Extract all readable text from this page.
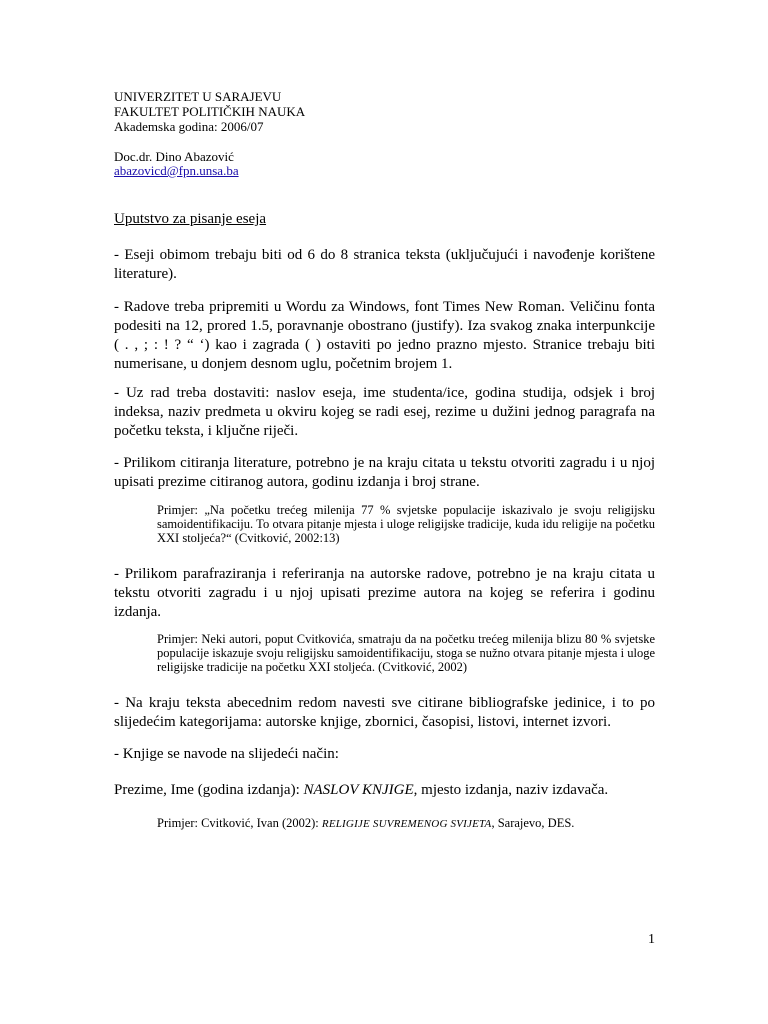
UNIVERZITET U SARAJEVU
FAKULTET POLITIČKIH NAUKA
Akademska godina: 2006/07
Doc.dr. Dino Abazović
abazovicd@fpn.unsa.ba
Uputstvo za pisanje eseja

- Eseji obimom trebaju biti od 6 do 8 stranica teksta (uključujući i navođenje korištene literature).

- Radove treba pripremiti u Wordu za Windows, font Times New Roman. Veličinu fonta podesiti na 12, prored 1.5, poravnanje obostrano (justify). Iza svakog znaka interpunkcije ( . , ; : ! ? “ ‘) kao i zagrada ( ) ostaviti po jedno prazno mjesto. Stranice trebaju biti numerisane, u donjem desnom uglu, početnim brojem 1.

- Uz rad treba dostaviti: naslov eseja, ime studenta/ice, godina studija, odsjek i broj indeksa, naziv predmeta u okviru kojeg se radi esej, rezime u dužini jednog paragrafa na početku teksta, i ključne riječi.

- Prilikom citiranja literature, potrebno je na kraju citata u tekstu otvoriti zagradu i u njoj upisati prezime citiranog autora, godinu izdanja i broj strane.

Primjer: „Na početku trećeg milenija 77 % svjetske populacije iskazivalo je svoju religijsku samoidentifikaciju. To otvara pitanje mjesta i uloge religijske tradicije, kuda idu religije na početku XXI stoljeća?“ (Cvitković, 2002:13)

- Prilikom parafraziranja i referiranja na autorske radove, potrebno je na kraju citata u tekstu otvoriti zagradu i u njoj upisati prezime autora na kojeg se referira i godinu izdanja.

Primjer: Neki autori, poput Cvitkovića, smatraju da na početku trećeg milenija blizu 80 % svjetske populacije iskazuje svoju religijsku samoidentifikaciju, stoga se nužno otvara pitanje mjesta i uloge religijske tradicije na početku XXI stoljeća. (Cvitković, 2002)

- Na kraju teksta abecednim redom navesti sve citirane bibliografske jedinice, i to po slijedećim kategorijama: autorske knjige, zbornici, časopisi, listovi, internet izvori.

- Knjige se navode na slijedeći način:

Prezime, Ime (godina izdanja): NASLOV KNJIGE, mjesto izdanja, naziv izdavača.

Primjer: Cvitković, Ivan (2002): RELIGIJE SUVREMENOG SVIJETA, Sarajevo, DES.

1
